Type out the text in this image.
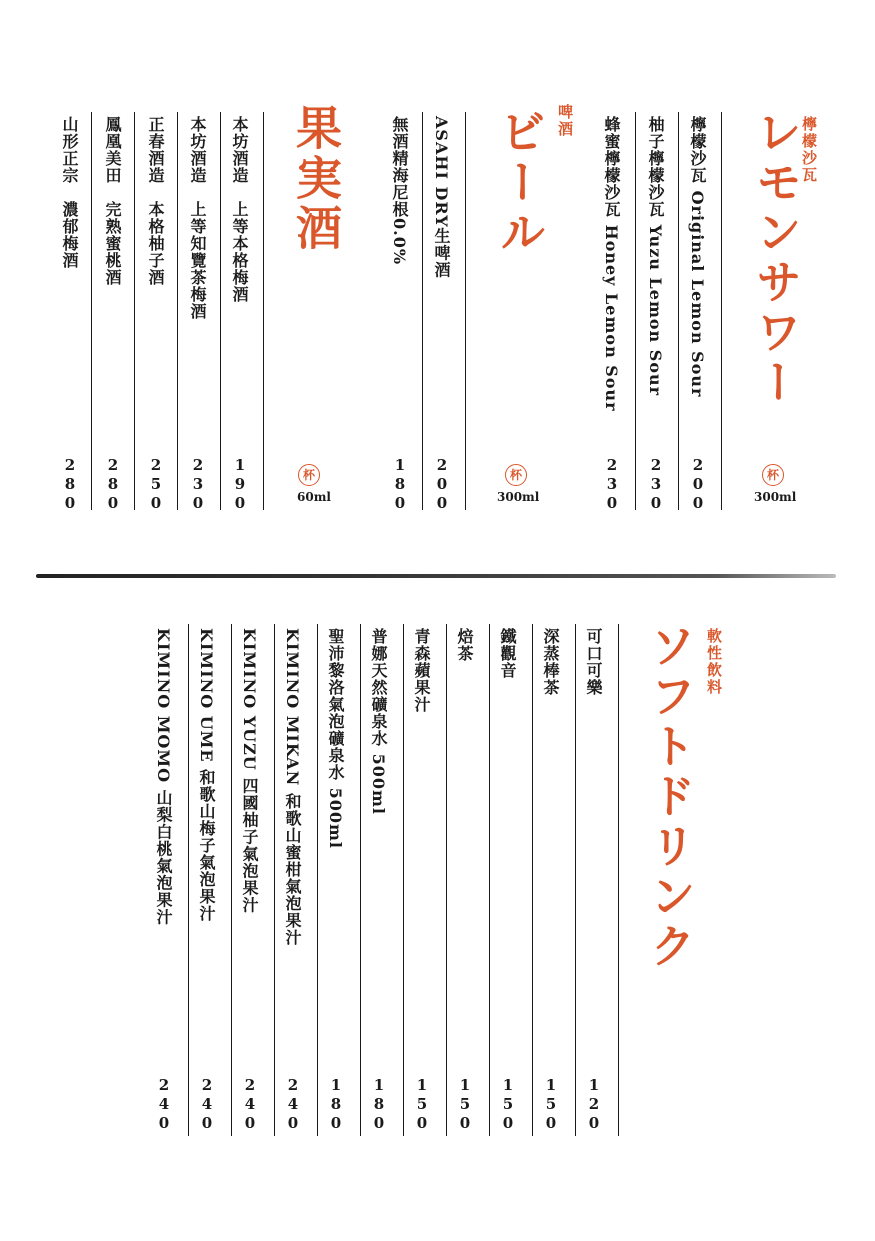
檸檬沙瓦
レモンサワー
杯
300ml
檸檬沙瓦 Original Lemon Sour
200
柚子檸檬沙瓦 Yuzu Lemon Sour
230
蜂蜜檸檬沙瓦 Honey Lemon Sour
230
啤酒
ビール
杯
300ml
ASAHI DRY生啤酒
200
無酒精海尼根0.0%
180
果実酒
杯
60ml
本坊酒造　上等本格梅酒
190
本坊酒造　上等知覽茶梅酒
230
正春酒造　本格柚子酒
250
鳳凰美田　完熟蜜桃酒
280
山形正宗　濃郁梅酒
280
軟性飲料
ソフトドリンク
可口可樂
120
深蒸棒茶
150
鐵觀音
150
焙茶
150
青森蘋果汁
150
普娜天然礦泉水 500ml
180
聖沛黎洛氣泡礦泉水 500ml
180
KIMINO MIKAN 和歌山蜜柑氣泡果汁
240
KIMINO YUZU 四國柚子氣泡果汁
240
KIMINO UME 和歌山梅子氣泡果汁
240
KIMINO MOMO 山梨白桃氣泡果汁
240
